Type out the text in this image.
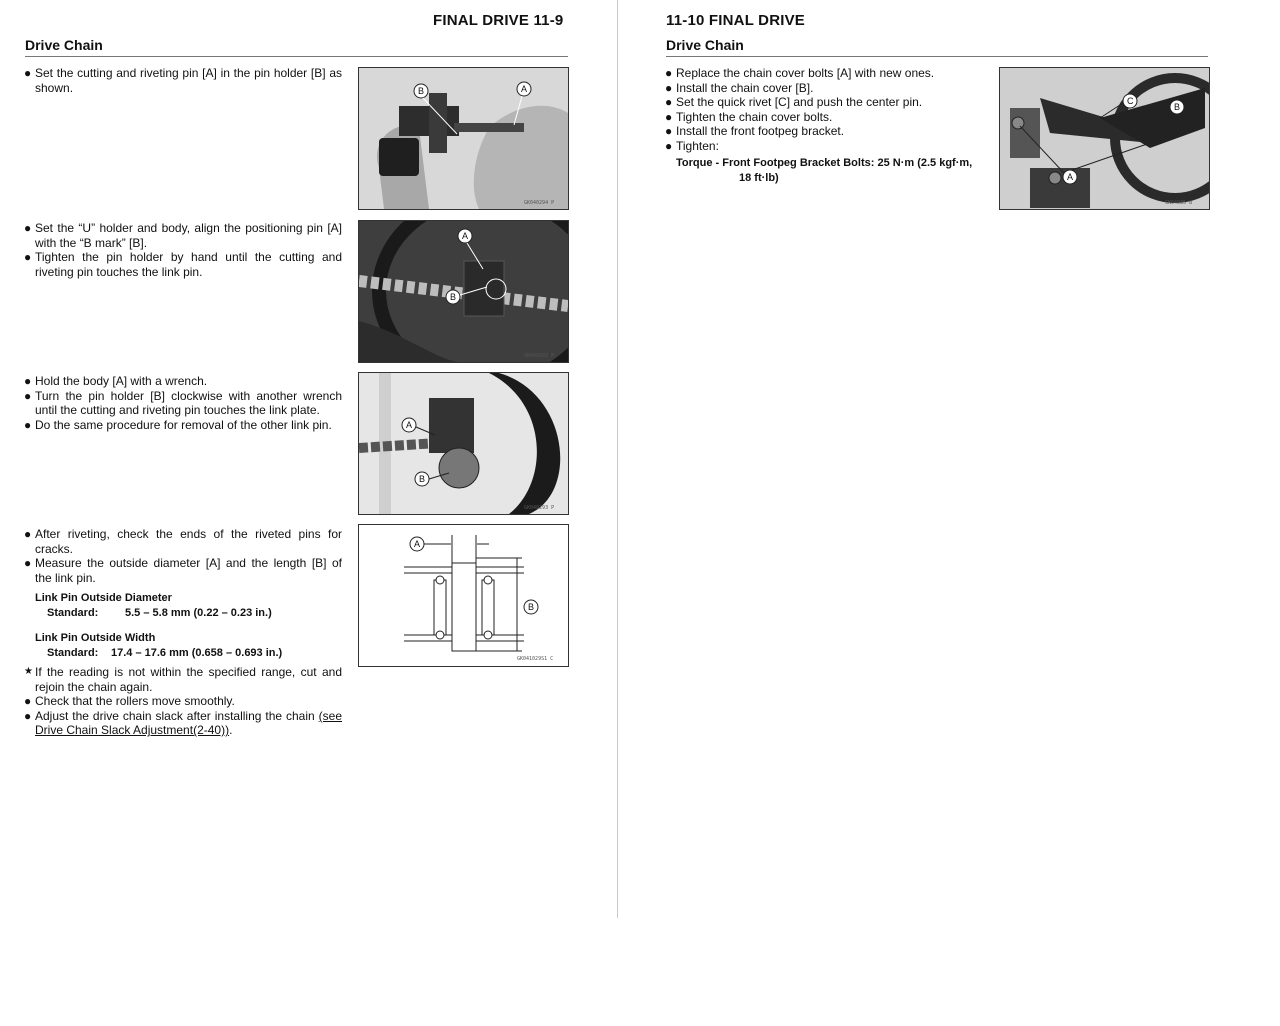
FINAL DRIVE 11-9
Drive Chain
● Set the cutting and riveting pin [A] in the pin holder [B] as shown.
● Set the “U” holder and body, align the positioning pin [A] with the “B mark” [B].
● Tighten the pin holder by hand until the cutting and riveting pin touches the link pin.
● Hold the body [A] with a wrench.
● Turn the pin holder [B] clockwise with another wrench until the cutting and riveting pin touches the link plate.
● Do the same procedure for removal of the other link pin.
● After riveting, check the ends of the riveted pins for cracks.
● Measure the outside diameter [A] and the length [B] of the link pin.
Link Pin Outside Diameter
Standard: 5.5 – 5.8 mm (0.22 – 0.23 in.)
Link Pin Outside Width
Standard: 17.4 – 17.6 mm (0.658 – 0.693 in.)
★ If the reading is not within the specified range, cut and rejoin the chain again.
● Check that the rollers move smoothly.
● Adjust the drive chain slack after installing the chain (see Drive Chain Slack Adjustment(2-40)).
B	A
GK040294 P
A
B
GK040292 P
A
B
GK040293 P
A
B
GK041029S1 C
11-10 FINAL DRIVE
Drive Chain
● Replace the chain cover bolts [A] with new ones.
● Install the chain cover [B].
● Set the quick rivet [C] and push the center pin.
● Tighten the chain cover bolts.
● Install the front footpeg bracket.
● Tighten:
Torque - Front Footpeg Bracket Bolts: 25 N·m (2.5 kgf·m,
18 ft·lb)
C
B
A
GK04035 B
